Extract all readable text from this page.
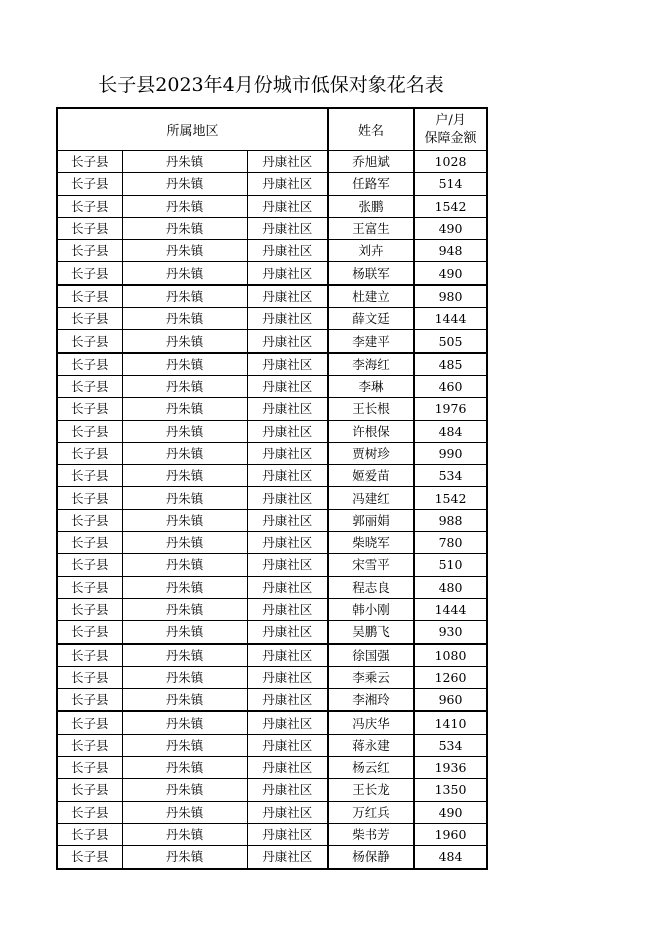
长子县2023年4月份城市低保对象花名表
所属地区			姓名	户/月
保障金额

长子县	丹朱镇	丹康社区	乔旭斌	1028
长子县	丹朱镇	丹康社区	任路军	514
长子县	丹朱镇	丹康社区	张鹏	1542
长子县	丹朱镇	丹康社区	王富生	490
长子县	丹朱镇	丹康社区	刘卉	948
长子县	丹朱镇	丹康社区	杨联军	490
长子县	丹朱镇	丹康社区	杜建立	980
长子县	丹朱镇	丹康社区	薛文廷	1444
长子县	丹朱镇	丹康社区	李建平	505
长子县	丹朱镇	丹康社区	李海红	485
长子县	丹朱镇	丹康社区	李琳	460
长子县	丹朱镇	丹康社区	王长根	1976
长子县	丹朱镇	丹康社区	许根保	484
长子县	丹朱镇	丹康社区	贾树珍	990
长子县	丹朱镇	丹康社区	姬爱苗	534
长子县	丹朱镇	丹康社区	冯建红	1542
长子县	丹朱镇	丹康社区	郭丽娟	988
长子县	丹朱镇	丹康社区	柴晓军	780
长子县	丹朱镇	丹康社区	宋雪平	510
长子县	丹朱镇	丹康社区	程志良	480
长子县	丹朱镇	丹康社区	韩小刚	1444
长子县	丹朱镇	丹康社区	吴鹏飞	930
长子县	丹朱镇	丹康社区	徐国强	1080
长子县	丹朱镇	丹康社区	李乘云	1260
长子县	丹朱镇	丹康社区	李湘玲	960
长子县	丹朱镇	丹康社区	冯庆华	1410
长子县	丹朱镇	丹康社区	蒋永建	534
长子县	丹朱镇	丹康社区	杨云红	1936
长子县	丹朱镇	丹康社区	王长龙	1350
长子县	丹朱镇	丹康社区	万红兵	490
长子县	丹朱镇	丹康社区	柴书芳	1960
长子县	丹朱镇	丹康社区	杨保静	484
